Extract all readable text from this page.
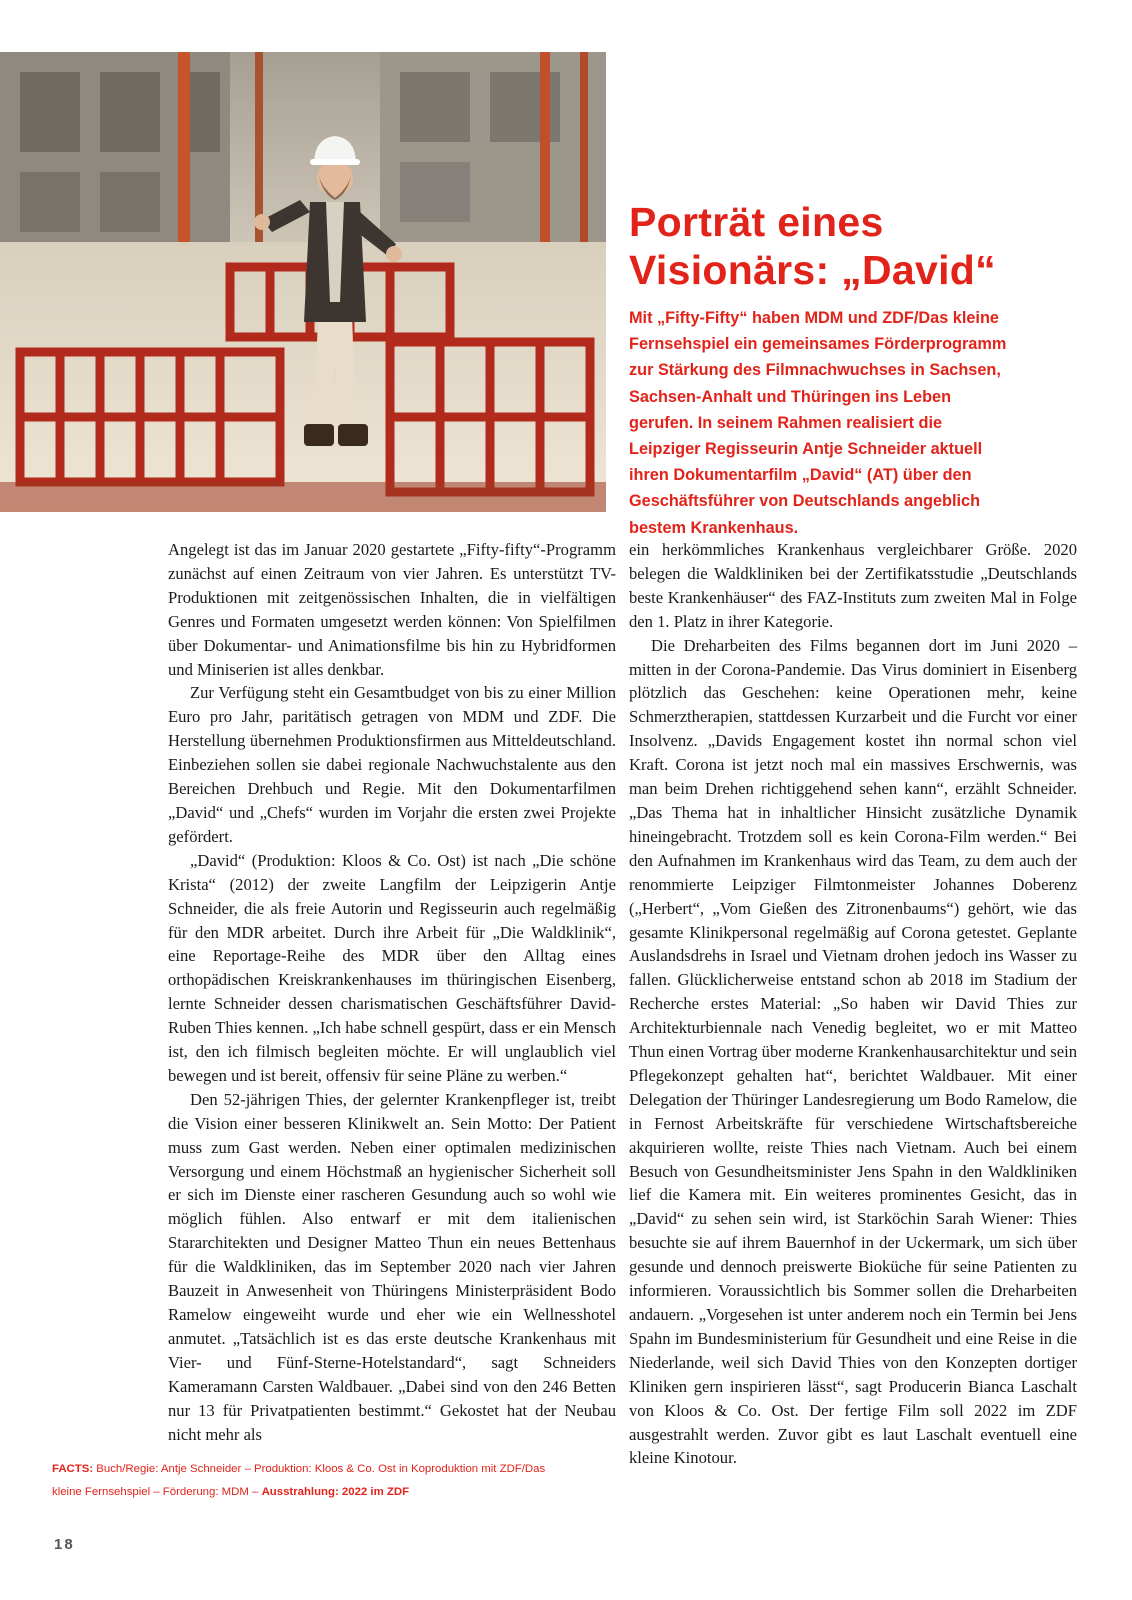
Porträt eines
Visionärs: „David“

Mit „Fifty-Fifty“ haben MDM und ZDF/Das kleine Fernsehspiel ein gemeinsames Förderprogramm zur Stärkung des Filmnachwuchses in Sachsen, Sachsen-Anhalt und Thüringen ins Leben gerufen. In seinem Rahmen realisiert die Leipziger Regisseurin Antje Schneider aktuell ihren Dokumentarfilm „David“ (AT) über den Geschäftsführer von Deutschlands angeblich bestem Krankenhaus.

Angelegt ist das im Januar 2020 gestartete „Fifty-fifty“-Programm zunächst auf einen Zeitraum von vier Jahren. Es unterstützt TV-Produktionen mit zeitgenössischen Inhalten, die in vielfältigen Genres und Formaten umgesetzt werden können: Von Spielfilmen über Dokumentar- und Animationsfilme bis hin zu Hybridformen und Miniserien ist alles denkbar.

Zur Verfügung steht ein Gesamtbudget von bis zu einer Million Euro pro Jahr, paritätisch getragen von MDM und ZDF. Die Herstellung übernehmen Produktionsfirmen aus Mitteldeutschland. Einbeziehen sollen sie dabei regionale Nachwuchstalente aus den Bereichen Drehbuch und Regie. Mit den Dokumentarfilmen „David“ und „Chefs“ wurden im Vorjahr die ersten zwei Projekte gefördert.

„David“ (Produktion: Kloos & Co. Ost) ist nach „Die schöne Krista“ (2012) der zweite Langfilm der Leipzigerin Antje Schneider, die als freie Autorin und Regisseurin auch regelmäßig für den MDR arbeitet. Durch ihre Arbeit für „Die Waldklinik“, eine Reportage-Reihe des MDR über den Alltag eines orthopädischen Kreiskrankenhauses im thüringischen Eisenberg, lernte Schneider dessen charismatischen Geschäftsführer David-Ruben Thies kennen. „Ich habe schnell gespürt, dass er ein Mensch ist, den ich filmisch begleiten möchte. Er will unglaublich viel bewegen und ist bereit, offensiv für seine Pläne zu werben.“

Den 52-jährigen Thies, der gelernter Krankenpfleger ist, treibt die Vision einer besseren Klinikwelt an. Sein Motto: Der Patient muss zum Gast werden. Neben einer optimalen medizinischen Versorgung und einem Höchstmaß an hygienischer Sicherheit soll er sich im Dienste einer rascheren Gesundung auch so wohl wie möglich fühlen. Also entwarf er mit dem italienischen Stararchitekten und Designer Matteo Thun ein neues Bettenhaus für die Waldkliniken, das im September 2020 nach vier Jahren Bauzeit in Anwesenheit von Thüringens Ministerpräsident Bodo Ramelow eingeweiht wurde und eher wie ein Wellnesshotel anmutet. „Tatsächlich ist es das erste deutsche Krankenhaus mit Vier- und Fünf-Sterne-Hotelstandard“, sagt Schneiders Kameramann Carsten Waldbauer. „Dabei sind von den 246 Betten nur 13 für Privatpatienten bestimmt.“ Gekostet hat der Neubau nicht mehr als

ein herkömmliches Krankenhaus vergleichbarer Größe. 2020 belegen die Waldkliniken bei der Zertifikatsstudie „Deutschlands beste Krankenhäuser“ des FAZ-Instituts zum zweiten Mal in Folge den 1. Platz in ihrer Kategorie.

Die Dreharbeiten des Films begannen dort im Juni 2020 – mitten in der Corona-Pandemie. Das Virus dominiert in Eisenberg plötzlich das Geschehen: keine Operationen mehr, keine Schmerztherapien, stattdessen Kurzarbeit und die Furcht vor einer Insolvenz. „Davids Engagement kostet ihn normal schon viel Kraft. Corona ist jetzt noch mal ein massives Erschwernis, was man beim Drehen richtiggehend sehen kann“, erzählt Schneider. „Das Thema hat in inhaltlicher Hinsicht zusätzliche Dynamik hineingebracht. Trotzdem soll es kein Corona-Film werden.“ Bei den Aufnahmen im Krankenhaus wird das Team, zu dem auch der renommierte Leipziger Filmtonmeister Johannes Doberenz („Herbert“, „Vom Gießen des Zitronenbaums“) gehört, wie das gesamte Klinikpersonal regelmäßig auf Corona getestet. Geplante Auslandsdrehs in Israel und Vietnam drohen jedoch ins Wasser zu fallen. Glücklicherweise entstand schon ab 2018 im Stadium der Recherche erstes Material: „So haben wir David Thies zur Architekturbiennale nach Venedig begleitet, wo er mit Matteo Thun einen Vortrag über moderne Krankenhausarchitektur und sein Pflegekonzept gehalten hat“, berichtet Waldbauer. Mit einer Delegation der Thüringer Landesregierung um Bodo Ramelow, die in Fernost Arbeitskräfte für verschiedene Wirtschaftsbereiche akquirieren wollte, reiste Thies nach Vietnam. Auch bei einem Besuch von Gesundheitsminister Jens Spahn in den Waldkliniken lief die Kamera mit. Ein weiteres prominentes Gesicht, das in „David“ zu sehen sein wird, ist Starköchin Sarah Wiener: Thies besuchte sie auf ihrem Bauernhof in der Uckermark, um sich über gesunde und dennoch preiswerte Bioküche für seine Patienten zu informieren. Voraussichtlich bis Sommer sollen die Dreharbeiten andauern. „Vorgesehen ist unter anderem noch ein Termin bei Jens Spahn im Bundesministerium für Gesundheit und eine Reise in die Niederlande, weil sich David Thies von den Konzepten dortiger Kliniken gern inspirieren lässt“, sagt Producerin Bianca Laschalt von Kloos & Co. Ost. Der fertige Film soll 2022 im ZDF ausgestrahlt werden. Zuvor gibt es laut Laschalt eventuell eine kleine Kinotour.

FACTS: Buch/Regie: Antje Schneider – Produktion: Kloos & Co. Ost in Koproduktion mit ZDF/Das kleine Fernsehspiel – Förderung: MDM – Ausstrahlung: 2022 im ZDF

18
